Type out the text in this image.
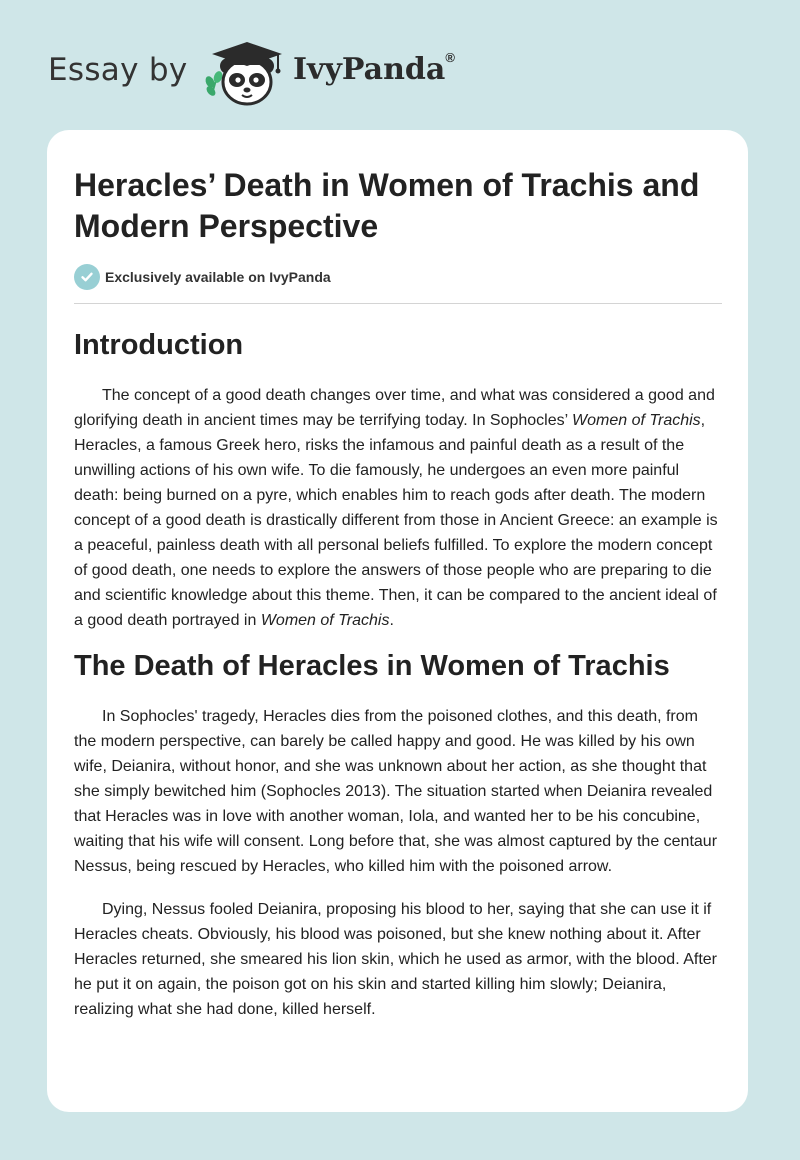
Essay by	IvyPanda®
Heracles’ Death in Women of Trachis and Modern Perspective
Exclusively available on IvyPanda
Introduction

The concept of a good death changes over time, and what was considered a good and glorifying death in ancient times may be terrifying today. In Sophocles’ Women of Trachis, Heracles, a famous Greek hero, risks the infamous and painful death as a result of the unwilling actions of his own wife. To die famously, he undergoes an even more painful death: being burned on a pyre, which enables him to reach gods after death. The modern concept of a good death is drastically different from those in Ancient Greece: an example is a peaceful, painless death with all personal beliefs fulfilled. To explore the modern concept of good death, one needs to explore the answers of those people who are preparing to die and scientific knowledge about this theme. Then, it can be compared to the ancient ideal of a good death portrayed in Women of Trachis.

The Death of Heracles in Women of Trachis

In Sophocles' tragedy, Heracles dies from the poisoned clothes, and this death, from the modern perspective, can barely be called happy and good. He was killed by his own wife, Deianira, without honor, and she was unknown about her action, as she thought that she simply bewitched him (Sophocles 2013). The situation started when Deianira revealed that Heracles was in love with another woman, Iola, and wanted her to be his concubine, waiting that his wife will consent. Long before that, she was almost captured by the centaur Nessus, being rescued by Heracles, who killed him with the poisoned arrow.

Dying, Nessus fooled Deianira, proposing his blood to her, saying that she can use it if Heracles cheats. Obviously, his blood was poisoned, but she knew nothing about it. After Heracles returned, she smeared his lion skin, which he used as armor, with the blood. After he put it on again, the poison got on his skin and started killing him slowly; Deianira, realizing what she had done, killed herself.
